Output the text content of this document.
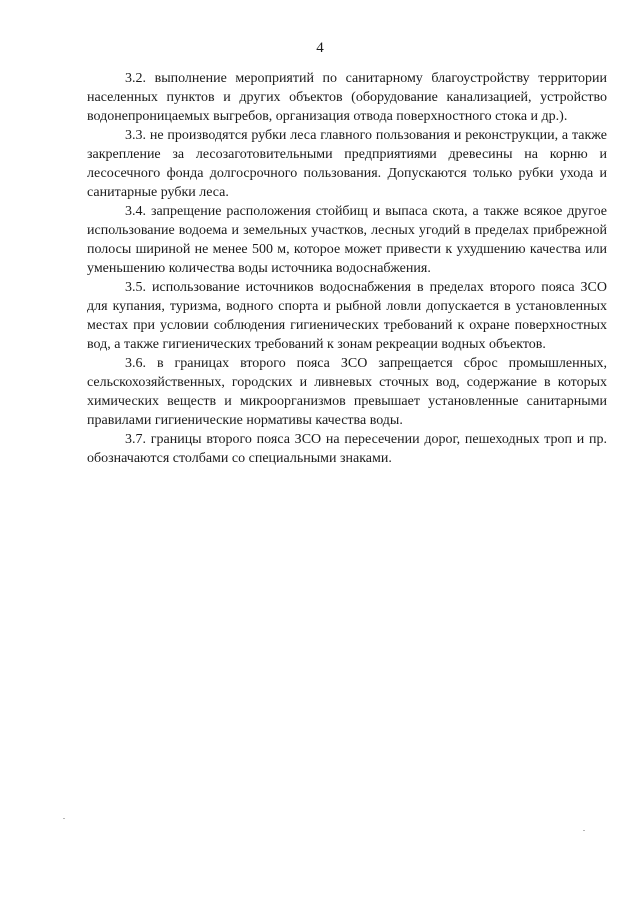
4

3.2. выполнение мероприятий по санитарному благоустройству территории населенных пунктов и других объектов (оборудование канализацией, устройство водонепроницаемых выгребов, организация отвода поверхностного стока и др.).

3.3. не производятся рубки леса главного пользования и реконструкции, а также закрепление за лесозаготовительными предприятиями древесины на корню и лесосечного фонда долгосрочного пользования. Допускаются только рубки ухода и санитарные рубки леса.

3.4. запрещение расположения стойбищ и выпаса скота, а также всякое другое использование водоема и земельных участков, лесных угодий в пределах прибрежной полосы шириной не менее 500 м, которое может привести к ухудшению качества или уменьшению количества воды источника водоснабжения.

3.5. использование источников водоснабжения в пределах второго пояса ЗСО для купания, туризма, водного спорта и рыбной ловли допускается в установленных местах при условии соблюдения гигиенических требований к охране поверхностных вод, а также гигиенических требований к зонам рекреации водных объектов.

3.6. в границах второго пояса ЗСО запрещается сброс промышленных, сельскохозяйственных, городских и ливневых сточных вод, содержание в которых химических веществ и микроорганизмов превышает установленные санитарными правилами гигиенические нормативы качества воды.

3.7. границы второго пояса ЗСО на пересечении дорог, пешеходных троп и пр. обозначаются столбами со специальными знаками.
